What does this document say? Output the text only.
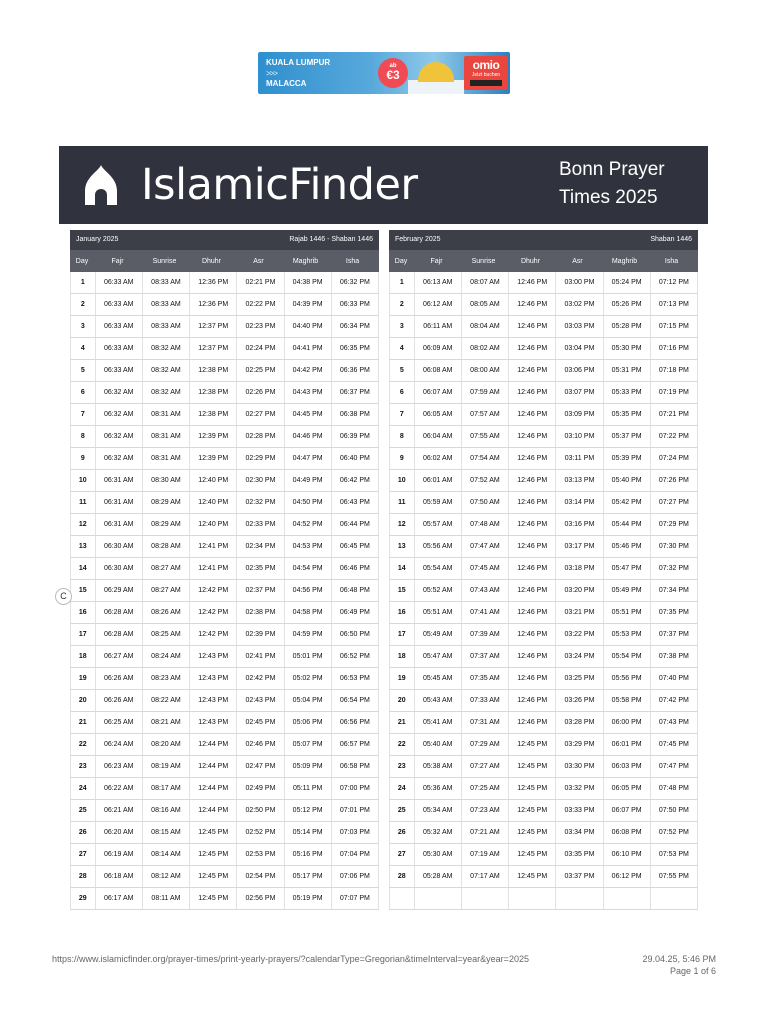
KUALA LUMPUR
>>>
MALACCA
ab
€3
omio
Jetzt buchen

IslamicFinder	Bonn Prayer
Times 2025
January 2025	Rajab 1446 - Shaban 1446
Day	Fajr	Sunrise	Dhuhr	Asr	Maghrib	Isha
1	06:33 AM	08:33 AM	12:36 PM	02:21 PM	04:38 PM	06:32 PM
2	06:33 AM	08:33 AM	12:36 PM	02:22 PM	04:39 PM	06:33 PM
3	06:33 AM	08:33 AM	12:37 PM	02:23 PM	04:40 PM	06:34 PM
4	06:33 AM	08:32 AM	12:37 PM	02:24 PM	04:41 PM	06:35 PM
5	06:33 AM	08:32 AM	12:38 PM	02:25 PM	04:42 PM	06:36 PM
6	06:32 AM	08:32 AM	12:38 PM	02:26 PM	04:43 PM	06:37 PM
7	06:32 AM	08:31 AM	12:38 PM	02:27 PM	04:45 PM	06:38 PM
8	06:32 AM	08:31 AM	12:39 PM	02:28 PM	04:46 PM	06:39 PM
9	06:32 AM	08:31 AM	12:39 PM	02:29 PM	04:47 PM	06:40 PM
10	06:31 AM	08:30 AM	12:40 PM	02:30 PM	04:49 PM	06:42 PM
11	06:31 AM	08:29 AM	12:40 PM	02:32 PM	04:50 PM	06:43 PM
12	06:31 AM	08:29 AM	12:40 PM	02:33 PM	04:52 PM	06:44 PM
13	06:30 AM	08:28 AM	12:41 PM	02:34 PM	04:53 PM	06:45 PM
14	06:30 AM	08:27 AM	12:41 PM	02:35 PM	04:54 PM	06:46 PM
15	06:29 AM	08:27 AM	12:42 PM	02:37 PM	04:56 PM	06:48 PM
16	06:28 AM	08:26 AM	12:42 PM	02:38 PM	04:58 PM	06:49 PM
17	06:28 AM	08:25 AM	12:42 PM	02:39 PM	04:59 PM	06:50 PM
18	06:27 AM	08:24 AM	12:43 PM	02:41 PM	05:01 PM	06:52 PM
19	06:26 AM	08:23 AM	12:43 PM	02:42 PM	05:02 PM	06:53 PM
20	06:26 AM	08:22 AM	12:43 PM	02:43 PM	05:04 PM	06:54 PM
21	06:25 AM	08:21 AM	12:43 PM	02:45 PM	05:06 PM	06:56 PM
22	06:24 AM	08:20 AM	12:44 PM	02:46 PM	05:07 PM	06:57 PM
23	06:23 AM	08:19 AM	12:44 PM	02:47 PM	05:09 PM	06:58 PM
24	06:22 AM	08:17 AM	12:44 PM	02:49 PM	05:11 PM	07:00 PM
25	06:21 AM	08:16 AM	12:44 PM	02:50 PM	05:12 PM	07:01 PM
26	06:20 AM	08:15 AM	12:45 PM	02:52 PM	05:14 PM	07:03 PM
27	06:19 AM	08:14 AM	12:45 PM	02:53 PM	05:16 PM	07:04 PM
28	06:18 AM	08:12 AM	12:45 PM	02:54 PM	05:17 PM	07:06 PM
29	06:17 AM	08:11 AM	12:45 PM	02:56 PM	05:19 PM	07:07 PM
February 2025	Shaban 1446
Day	Fajr	Sunrise	Dhuhr	Asr	Maghrib	Isha
1	06:13 AM	08:07 AM	12:46 PM	03:00 PM	05:24 PM	07:12 PM
2	06:12 AM	08:05 AM	12:46 PM	03:02 PM	05:26 PM	07:13 PM
3	06:11 AM	08:04 AM	12:46 PM	03:03 PM	05:28 PM	07:15 PM
4	06:09 AM	08:02 AM	12:46 PM	03:04 PM	05:30 PM	07:16 PM
5	06:08 AM	08:00 AM	12:46 PM	03:06 PM	05:31 PM	07:18 PM
6	06:07 AM	07:59 AM	12:46 PM	03:07 PM	05:33 PM	07:19 PM
7	06:05 AM	07:57 AM	12:46 PM	03:09 PM	05:35 PM	07:21 PM
8	06:04 AM	07:55 AM	12:46 PM	03:10 PM	05:37 PM	07:22 PM
9	06:02 AM	07:54 AM	12:46 PM	03:11 PM	05:39 PM	07:24 PM
10	06:01 AM	07:52 AM	12:46 PM	03:13 PM	05:40 PM	07:26 PM
11	05:59 AM	07:50 AM	12:46 PM	03:14 PM	05:42 PM	07:27 PM
12	05:57 AM	07:48 AM	12:46 PM	03:16 PM	05:44 PM	07:29 PM
13	05:56 AM	07:47 AM	12:46 PM	03:17 PM	05:46 PM	07:30 PM
14	05:54 AM	07:45 AM	12:46 PM	03:18 PM	05:47 PM	07:32 PM
15	05:52 AM	07:43 AM	12:46 PM	03:20 PM	05:49 PM	07:34 PM
16	05:51 AM	07:41 AM	12:46 PM	03:21 PM	05:51 PM	07:35 PM
17	05:49 AM	07:39 AM	12:46 PM	03:22 PM	05:53 PM	07:37 PM
18	05:47 AM	07:37 AM	12:46 PM	03:24 PM	05:54 PM	07:38 PM
19	05:45 AM	07:35 AM	12:46 PM	03:25 PM	05:56 PM	07:40 PM
20	05:43 AM	07:33 AM	12:46 PM	03:26 PM	05:58 PM	07:42 PM
21	05:41 AM	07:31 AM	12:46 PM	03:28 PM	06:00 PM	07:43 PM
22	05:40 AM	07:29 AM	12:45 PM	03:29 PM	06:01 PM	07:45 PM
23	05:38 AM	07:27 AM	12:45 PM	03:30 PM	06:03 PM	07:47 PM
24	05:36 AM	07:25 AM	12:45 PM	03:32 PM	06:05 PM	07:48 PM
25	05:34 AM	07:23 AM	12:45 PM	03:33 PM	06:07 PM	07:50 PM
26	05:32 AM	07:21 AM	12:45 PM	03:34 PM	06:08 PM	07:52 PM
27	05:30 AM	07:19 AM	12:45 PM	03:35 PM	06:10 PM	07:53 PM
28	05:28 AM	07:17 AM	12:45 PM	03:37 PM	06:12 PM	07:55 PM
C
https://www.islamicfinder.org/prayer-times/print-yearly-prayers/?calendarType=Gregorian&timeInterval=year&year=2025	29.04.25, 5:46 PM
Page 1 of 6
